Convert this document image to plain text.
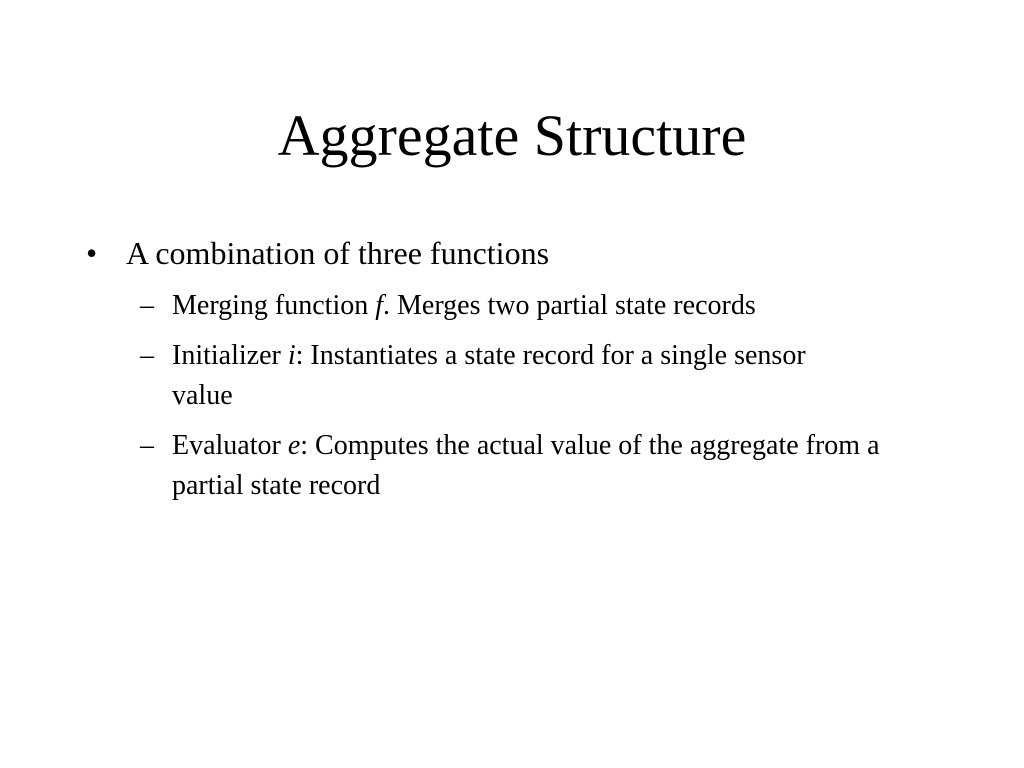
Aggregate Structure
• A combination of three functions
– Merging function f. Merges two partial state records
– Initializer i: Instantiates a state record for a single sensor value
– Evaluator e: Computes the actual value of the aggregate from a partial state record
